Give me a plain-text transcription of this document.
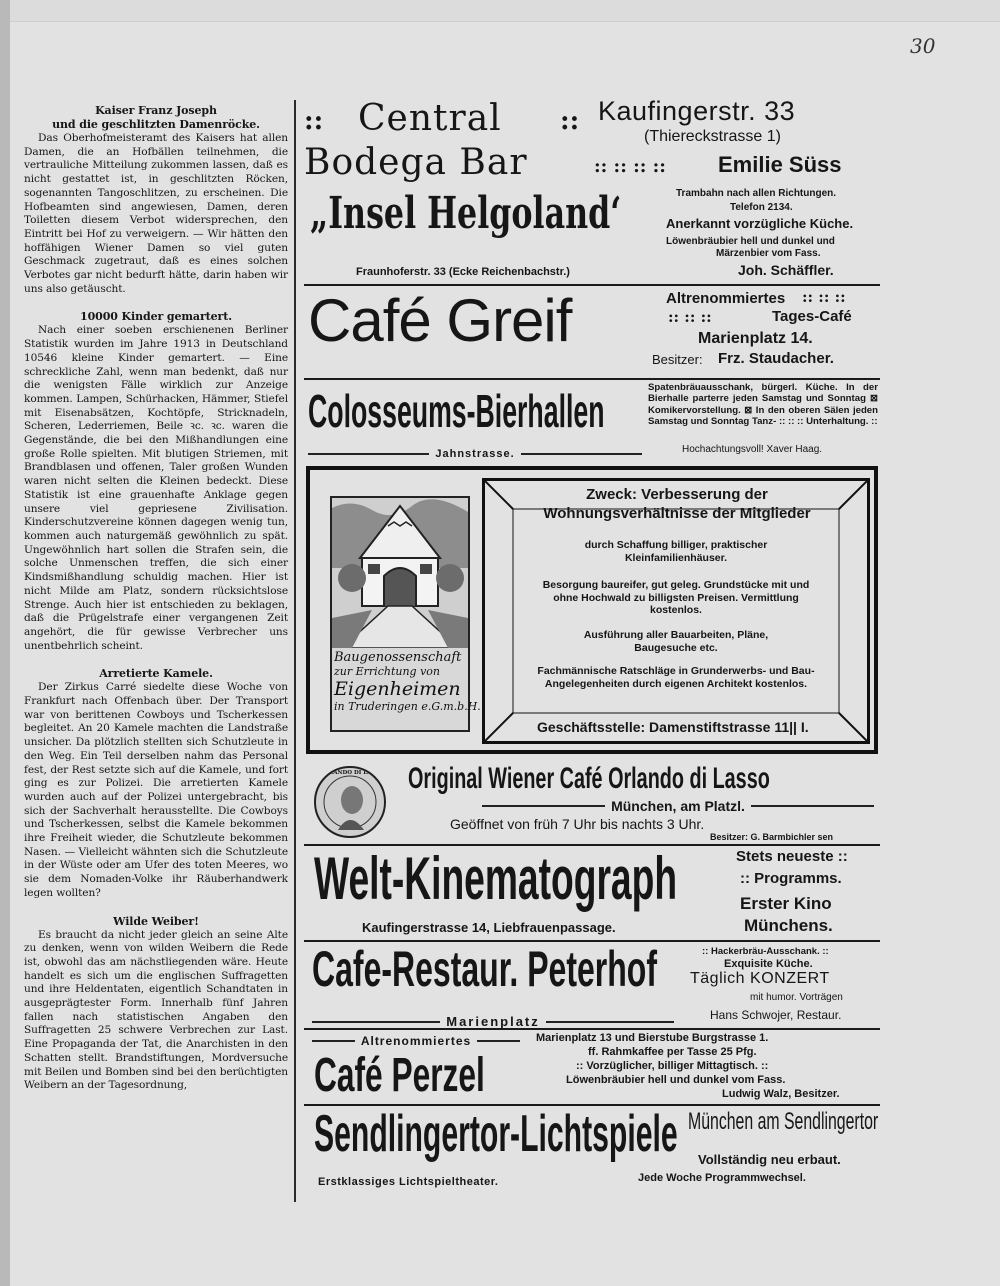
30
Kaiser Franz Joseph
und die geschlitzten Damenröcke.

Das Oberhofmeisteramt des Kaisers hat allen Damen, die an Hofbällen teilnehmen, die vertrauliche Mitteilung zukommen lassen, daß es nicht gestattet ist, in geschlitzten Röcken, sogenannten Tangoschlitzen, zu erscheinen. Die Hofbeamten sind angewiesen, Damen, deren Toiletten diesem Verbot widersprechen, den Eintritt bei Hof zu verweigern. — Wir hätten den hoffähigen Wiener Damen so viel guten Geschmack zugetraut, daß es eines solchen Verbotes gar nicht bedurft hätte, darin haben wir uns also getäuscht.

10000 Kinder gemartert.

Nach einer soeben erschienenen Berliner Statistik wurden im Jahre 1913 in Deutschland 10546 kleine Kinder gemartert. — Eine schreckliche Zahl, wenn man bedenkt, daß nur die wenigsten Fälle wirklich zur Anzeige kommen. Lampen, Schürhacken, Hämmer, Stiefel mit Eisenabsätzen, Kochtöpfe, Stricknadeln, Scheren, Lederriemen, Beile ꝛc. ꝛc. waren die Gegenstände, die bei den Mißhandlungen eine große Rolle spielten. Mit blutigen Striemen, mit Brandblasen und offenen, Taler großen Wunden waren nicht selten die Kleinen bedeckt. Diese Statistik ist eine grauenhafte Anklage gegen unsere viel gepriesene Zivilisation. Kinderschutzvereine können dagegen wenig tun, kommen auch naturgemäß gewöhnlich zu spät. Ungewöhnlich hart sollen die Strafen sein, die solche Unmenschen treffen, die sich einer Kindsmißhandlung schuldig machen. Hier ist nicht Milde am Platz, sondern rücksichtslose Strenge. Auch hier ist entschieden zu beklagen, daß die Prügelstrafe einer vergangenen Zeit angehört, die für gewisse Verbrecher uns unentbehrlich scheint.

Arretierte Kamele.

Der Zirkus Carré siedelte diese Woche von Frankfurt nach Offenbach über. Der Transport war von berittenen Cowboys und Tscherkessen begleitet. An 20 Kamele machten die Landstraße unsicher. Da plötzlich stellten sich Schutzleute in den Weg. Ein Teil derselben nahm das Personal fest, der Rest setzte sich auf die Kamele, und fort ging es zur Polizei. Die arretierten Kamele wurden auch auf der Polizei untergebracht, bis sich der Sachverhalt herausstellte. Die Cowboys und Tscherkessen, selbst die Kamele bekommen ihre Freiheit wieder, die Schutzleute bekommen Nasen. — Vielleicht wähnten sich die Schutzleute in der Wüste oder am Ufer des toten Meeres, wo sie dem Nomaden-Volke ihr Räuberhandwerk legen wollten?

Wilde Weiber!

Es braucht da nicht jeder gleich an seine Alte zu denken, wenn von wilden Weibern die Rede ist, obwohl das am nächstliegenden wäre. Heute handelt es sich um die englischen Suffragetten und ihre Heldentaten, eigentlich Schandtaten in ausgeprägtester Form. Innerhalb fünf Jahren fallen nach statistischen Angaben den Suffragetten 25 schwere Verbrechen zur Last. Eine Propaganda der Tat, die Anarchisten in den Schatten stellt. Brandstiftungen, Mordversuche mit Beilen und Bomben sind bei den berüchtigten Weibern an der Tagesordnung,

:: Central ::
Bodega Bar
Kaufingerstr. 33
(Thiereckstrasse 1)
:: :: :: :: Emilie Süss
„Insel Helgoland‘
Fraunhoferstr. 33 (Ecke Reichenbachstr.)
Trambahn nach allen Richtungen.
Telefon 2134.
Anerkannt vorzügliche Küche.
Löwenbräubier hell und dunkel und
Märzenbier vom Fass.
Joh. Schäffler.
Café Greif	Altrenommiertes :: :: ::
:: :: ::	Tages-Café
Marienplatz 14.
Besitzer: Frz. Staudacher.
Colosseums-Bierhallen
Jahnstrasse.
Spatenbräuausschank, bürgerl. Küche. In der Bierhalle parterre jeden Samstag und Sonntag ⊠ Komikervorstellung. ⊠ In den oberen Sälen jeden Samstag und Sonntag Tanz- :: :: :: Unterhaltung. ::
Hochachtungsvoll! Xaver Haag.
Baugenossenschaft
zur Errichtung von
Eigenheimen
in Truderingen e.G.m.b.H.
Zweck: Verbesserung der Wohnungsverhältnisse der Mitglieder
durch Schaffung billiger, praktischer Kleinfamilienhäuser.
Besorgung baureifer, gut geleg. Grundstücke mit und ohne Hochwald zu billigsten Preisen. Vermittlung kostenlos.
Ausführung aller Bauarbeiten, Pläne, Baugesuche etc.
Fachmännische Ratschläge in Grunderwerbs- und Bau-Angelegenheiten durch eigenen Architekt kostenlos.
Geschäftsstelle: Damenstiftstrasse 11|| I.
ORLANDO DI LASSO Original Wiener Café Orlando di Lasso
München, am Platzl.
Geöffnet von früh 7 Uhr bis nachts 3 Uhr.
Besitzer: G. Barmbichler sen
Welt-Kinematograph
Kaufingerstrasse 14, Liebfrauenpassage.
Stets neueste ::
:: Programms.
Erster Kino
Münchens.
Cafe-Restaur. Peterhof
Marienplatz
:: Hackerbräu-Ausschank. ::
Exquisite Küche.
Täglich KONZERT
mit humor. Vorträgen
Hans Schwojer, Restaur.
Altrenommiertes
Café Perzel
Marienplatz 13 und Bierstube Burgstrasse 1.
ff. Rahmkaffee per Tasse 25 Pfg.
:: Vorzüglicher, billiger Mittagtisch. ::
Löwenbräubier hell und dunkel vom Fass.
Ludwig Walz, Besitzer.
Sendlingertor-Lichtspiele
Erstklassiges Lichtspieltheater.
München am Sendlingertor
Vollständig neu erbaut.
Jede Woche Programmwechsel.
